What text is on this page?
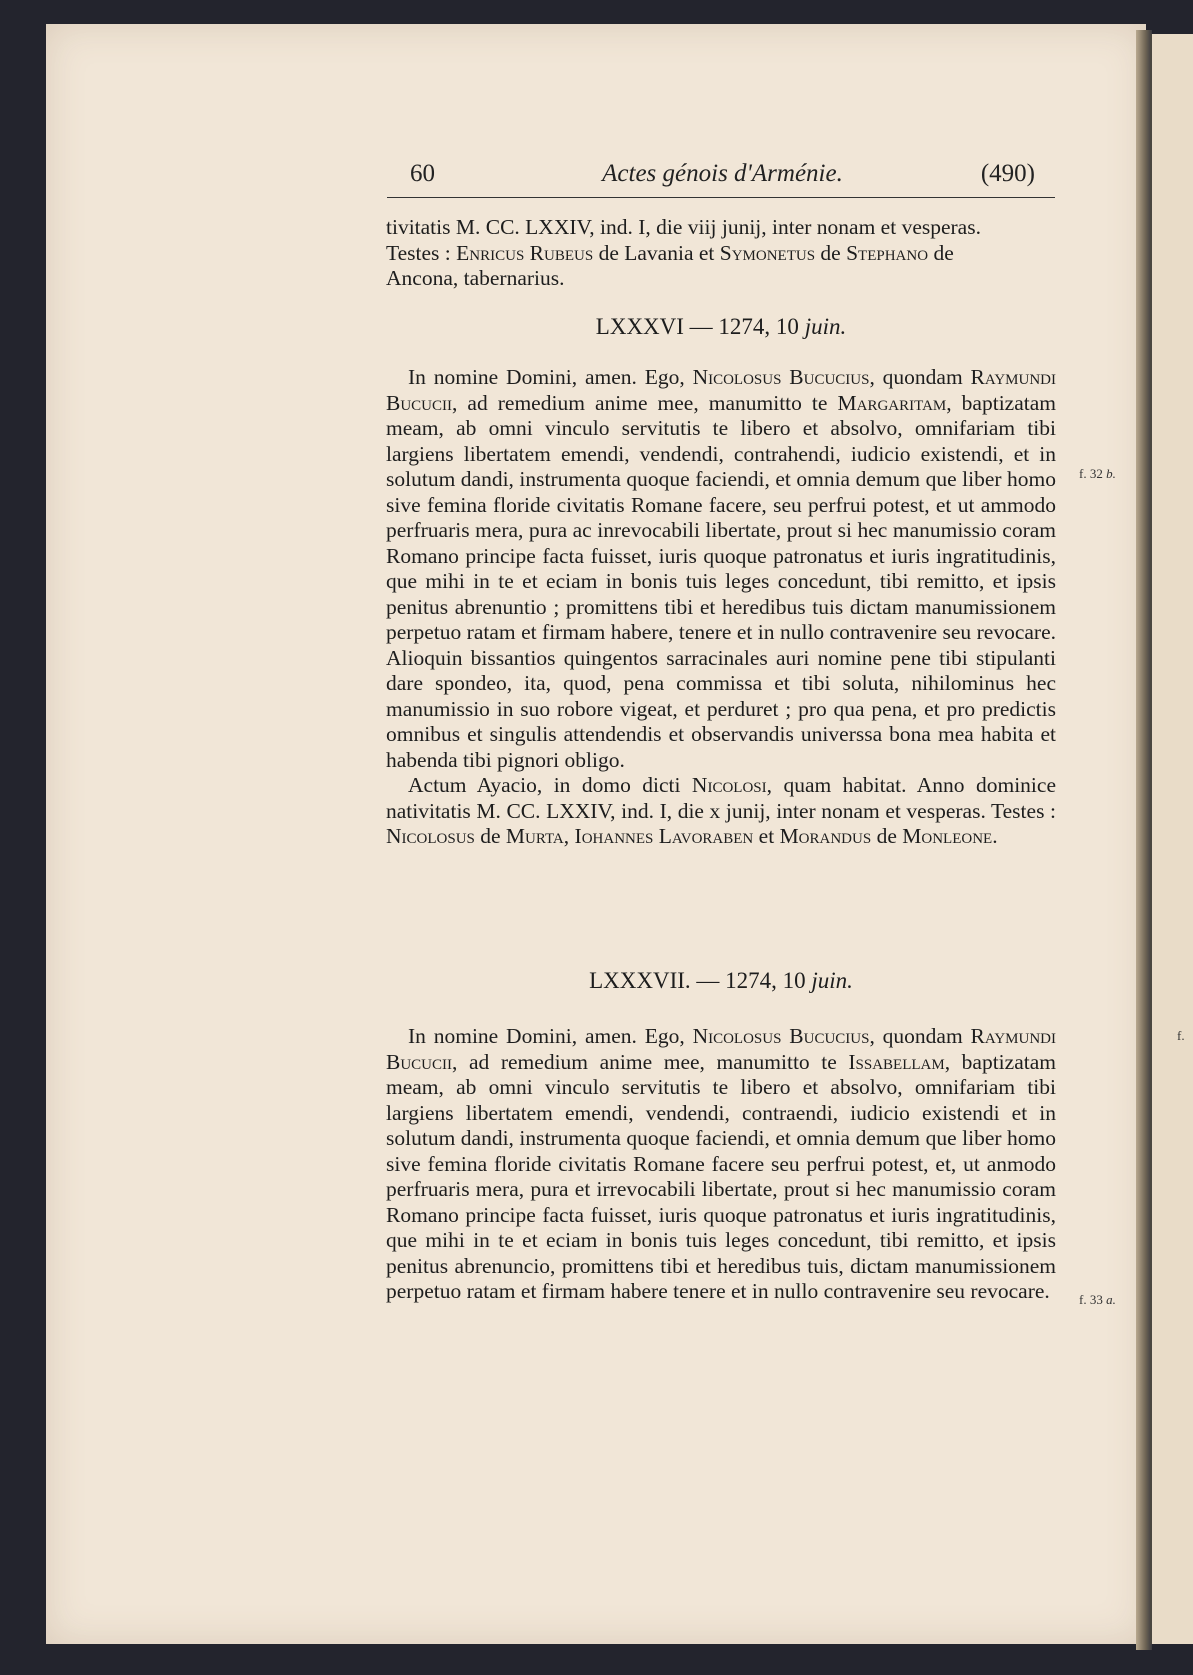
60	Actes génois d'Arménie.	(490)

tivitatis M. CC. LXXIV, ind. I, die viij junij, inter nonam et vesperas.

Testes : Enricus Rubeus de Lavania et Symonetus de Stephano de

Ancona, tabernarius.

LXXXVI — 1274, 10 juin.

In nomine Domini, amen. Ego, Nicolosus Bucucius, quondam Raymundi Bucucii, ad remedium anime mee, manumitto te Margaritam, baptizatam meam, ab omni vinculo servitutis te libero et absolvo, omnifariam tibi largiens libertatem emendi, vendendi, contrahendi, iudicio existendi, et in solutum dandi, instrumenta quoque faciendi, et omnia demum que liber homo sive femina floride civitatis Romane facere, seu perfrui potest, et ut ammodo perfruaris mera, pura ac inrevocabili libertate, prout si hec manumissio coram Romano principe facta fuisset, iuris quoque patronatus et iuris ingratitudinis, que mihi in te et eciam in bonis tuis leges concedunt, tibi remitto, et ipsis penitus abrenuntio ; promittens tibi et heredibus tuis dictam manumissionem perpetuo ratam et firmam habere, tenere et in nullo contravenire seu revocare. Alioquin bissantios quingentos sarracinales auri nomine pene tibi stipulanti dare spondeo, ita, quod, pena commissa et tibi soluta, nihilominus hec manumissio in suo robore vigeat, et perduret ; pro qua pena, et pro predictis omnibus et singulis attendendis et observandis universsa bona mea habita et habenda tibi pignori obligo.

Actum Ayacio, in domo dicti Nicolosi, quam habitat. Anno dominice nativitatis M. CC. LXXIV, ind. I, die x junij, inter nonam et vesperas. Testes : Nicolosus de Murta, Iohannes Lavoraben et Morandus de Monleone.

LXXXVII. — 1274, 10 juin.

In nomine Domini, amen. Ego, Nicolosus Bucucius, quondam Raymundi Bucucii, ad remedium anime mee, manumitto te Issabellam, baptizatam meam, ab omni vinculo servitutis te libero et absolvo, omnifariam tibi largiens libertatem emendi, vendendi, contraendi, iudicio existendi et in solutum dandi, instrumenta quoque faciendi, et omnia demum que liber homo sive femina floride civitatis Romane facere seu perfrui potest, et, ut anmodo perfruaris mera, pura et irrevocabili libertate, prout si hec manumissio coram Romano principe facta fuisset, iuris quoque patronatus et iuris ingratitudinis, que mihi in te et eciam in bonis tuis leges concedunt, tibi remitto, et ipsis penitus abrenuncio, promittens tibi et heredibus tuis, dictam manumissionem perpetuo ratam et firmam habere tenere et in nullo contravenire seu revocare.

f. 32 b.
f.
f. 33 a.
